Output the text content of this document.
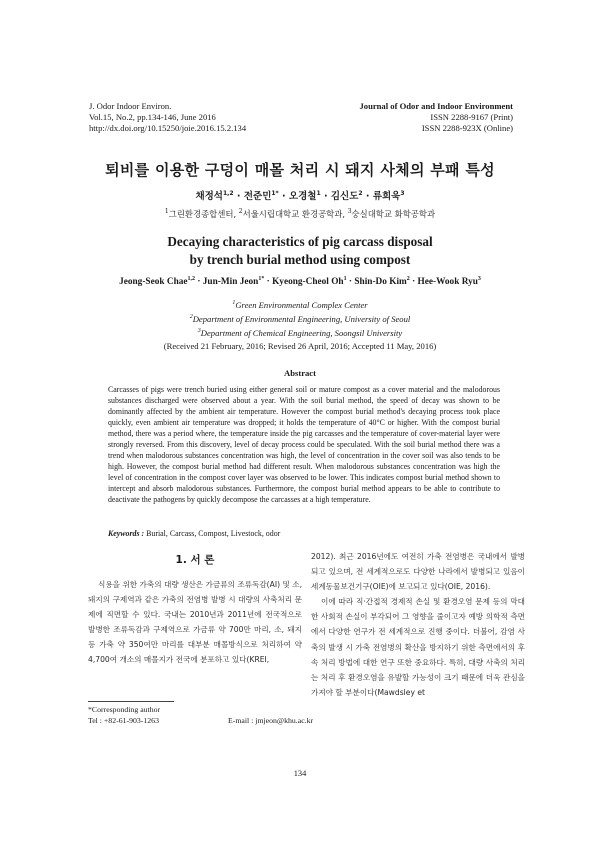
J. Odor Indoor Environ.
Vol.15, No.2, pp.134-146, June 2016
http://dx.doi.org/10.15250/joie.2016.15.2.134
Journal of Odor and Indoor Environment
ISSN 2288-9167 (Print)
ISSN 2288-923X (Online)
퇴비를 이용한 구덩이 매몰 처리 시 돼지 사체의 부패 특성
채정석$^{1,2}$ · 전준민$^{1*}$ · 오경철$^1$ · 김신도$^2$ · 류희욱$^3$
$^1$그린환경종합센터, $^2$서울시립대학교 환경공학과, $^3$숭실대학교 화학공학과
Decaying characteristics of pig carcass disposal
by trench burial method using compost
Jeong-Seok Chae$^{1,2}$ · Jun-Min Jeon$^{1*}$ · Kyeong-Cheol $Oh^1$ · Shin-Do Kim$^2$ · Hee-Wook Ryu$^3$
$^1$Green Environmental Complex Center
$^2$Department of Environmental Engineering, University of Seoul
$^3$Department of Chemical Engineering, Soongsil University
(Received 21 February, 2016; Revised 26 April, 2016; Accepted 11 May, 2016)
Abstract
Carcasses of pigs were trench buried using either general soil or mature compost as a cover material and the malodorous substances discharged were observed about a year. With the soil burial method, the speed of decay was shown to be dominantly affected by the ambient air temperature. However the compost burial method's decaying process took place quickly, even ambient air temperature was dropped; it holds the temperature of 40°C or higher. With the compost burial method, there was a period where, the temperature inside the pig carcasses and the temperature of cover-material layer were strongly reversed. From this discovery, level of decay process could be speculated. With the soil burial method there was a trend when malodorous substances concentration was high, the level of concentration in the cover soil was also tends to be high. However, the compost burial method had different result. When malodorous substances concentration was high the level of concentration in the compost cover layer was observed to be lower. This indicates compost burial method shown to intercept and absorb malodorous substances. Furthermore, the compost burial method appears to be able to contribute to deactivate the pathogens by quickly decompose the carcasses at a high temperature.
Keywords : Burial, Carcass, Compost, Livestock, odor
1. 서 론

식용을 위한 가축의 대량 생산은 가금류의 조류독감(AI) 및 소, 돼지의 구제역과 같은 가축의 전염병 발병 시 대량의 사축처리 문제에 직면할 수 있다. 국내는 2010년과 2011년에 전국적으로 발병한 조류독감과 구제역으로 가금류 약 700만 마리, 소, 돼지 등 가축 약 350여만 마리를 대부분 매몰방식으로 처리하여 약 4,700여 개소의 매몰지가 전국에 분포하고 있다(KREI,

2012). 최근 2016년에도 여전히 가축 전염병은 국내에서 발병되고 있으며, 전 세계적으로도 다양한 나라에서 발병되고 있음이 세계동물보건기구(OIE)에 보고되고 있다(OIE, 2016).

이에 따라 직·간접적 경제적 손실 및 환경오염 문제 등의 막대한 사회적 손실이 부각되어 그 영향을 줄이고자 예방 의학적 측면에서 다양한 연구가 전 세계적으로 진행 중이다. 더불어, 감염 사축의 발생 시 가축 전염병의 확산을 방지하기 위한 측면에서의 후속 처리 방법에 대한 연구 또한 중요하다. 특히, 대량 사축의 처리는 처리 후 환경오염을 유발할 가능성이 크기 때문에 더욱 관심을 가져야 할 부분이다(Mawdsley et

*Corresponding author
Tel : +82-61-903-1263	E-mail : jmjeon@khu.ac.kr
134
